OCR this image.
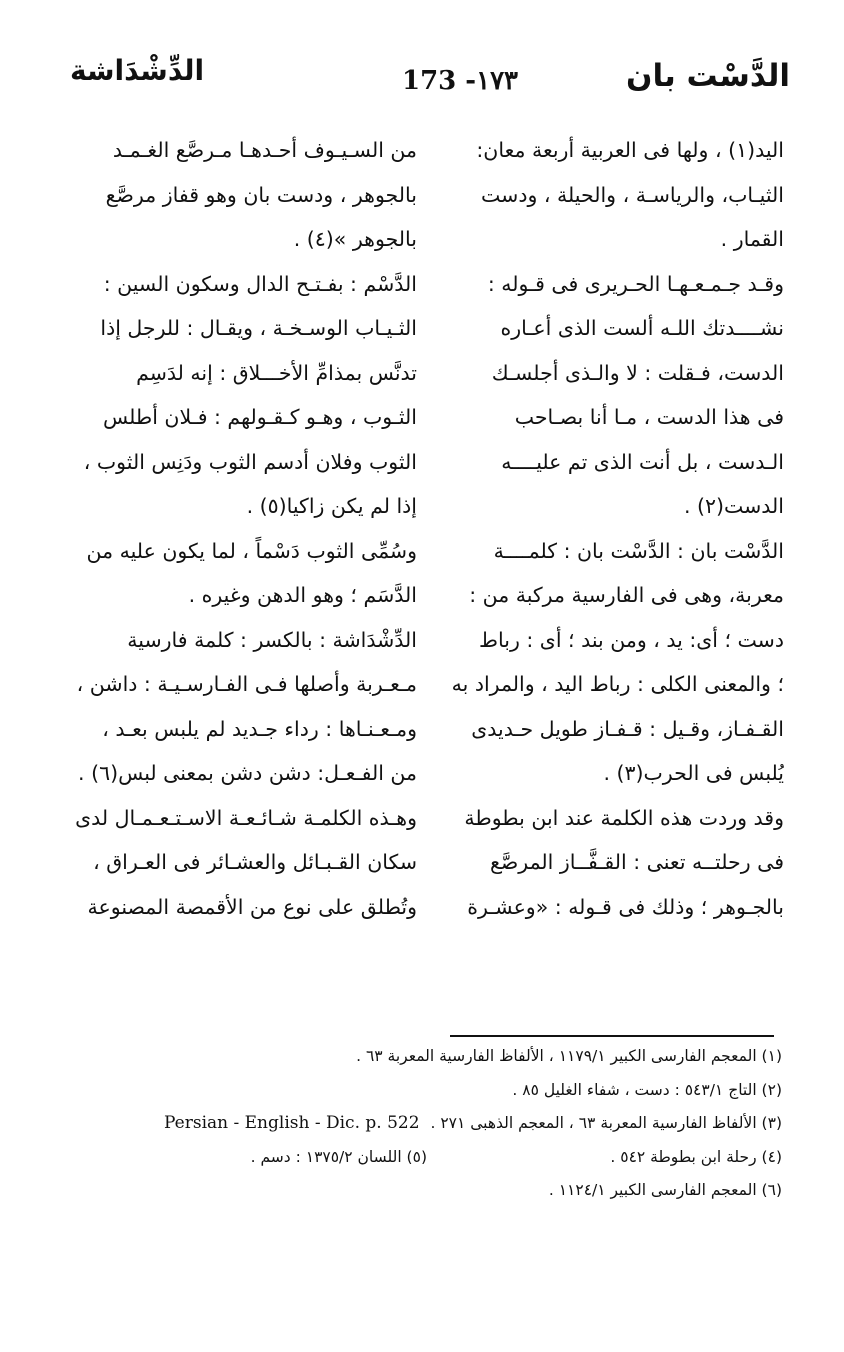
الدَّسْت بان
173 -١٧٣
الدِّشْدَاشة
اليد(١) ، ولها فى العربية أربعة معان:
الثيـاب، والرياسـة ، والحيلة ، ودست
القمار .
وقـد جـمـعـهـا الحـريرى فى قـوله :
نشــــدتك اللـه ألست الذى أعـاره
الدست، فـقلت : لا والـذى أجلسـك
فى هذا الدست ، مـا أنا بصـاحب
الـدست ، بل أنت الذى تم عليــــه
الدست(٢) .
الدَّسْت بان : الدَّسْت بان : كلمــــة
معربة، وهى فى الفارسية مركبة من :
دست ؛ أى: يد ، ومن بند ؛ أى : رباط
؛ والمعنى الكلى : رباط اليد ، والمراد به
القـفـاز، وقـيل : قـفـاز طويل حـديدى
يُلبس فى الحرب(٣) .
وقد وردت هذه الكلمة عند ابن بطوطة
فى رحلتــه تعنى : القـفَّــاز المرصَّع
بالجـوهر ؛ وذلك فى قـوله : «وعشـرة
من السـيـوف أحـدهـا مـرصَّع الغـمـد
بالجوهر ، ودست بان وهو قفاز مرصَّع
بالجوهر »(٤) .
الدَّسْم : بفـتـح الدال وسكون السين :
الثـيـاب الوسـخـة ، ويقـال : للرجل إذا
تدنَّس بمذامِّ الأخـــلاق : إنه لدَسِم
الثـوب ، وهـو كـقـولهم : فـلان أطلس
الثوب وفلان أدسم الثوب ودَنِس الثوب ،
إذا لم يكن زاكيا(٥) .
وسُمِّى الثوب دَسْماً ، لما يكون عليه من
الدَّسَم ؛ وهو الدهن وغيره .
الدِّشْدَاشة : بالكسر : كلمة فارسية
مـعـربة وأصلها فـى الفـارسـيـة : داشن ،
ومـعـنـاها : رداء جـديد لم يلبس بعـد ،
من الفـعـل: دشن دشن بمعنى لبس(٦) .
وهـذه الكلمـة شـائـعـة الاسـتـعـمـال لدى
سكان القـبـائل والعشـائر فى العـراق ،
وتُطلق على نوع من الأقمصة المصنوعة
(١) المعجم الفارسى الكبير ١١٧٩/١ ، الألفاظ الفارسية المعربة ٦٣ .
(٢) التاج ٥٤٣/١ : دست ، شفاء الغليل ٨٥ .
(٣) الألفاظ الفارسية المعربة ٦٣ ، المعجم الذهبى ٢٧١ . Persian - English - Dic. p. 522
(٤) رحلة ابن بطوطة ٥٤٢ .
(٥) اللسان ١٣٧٥/٢ : دسم .
(٦) المعجم الفارسى الكبير ١١٢٤/١ .
